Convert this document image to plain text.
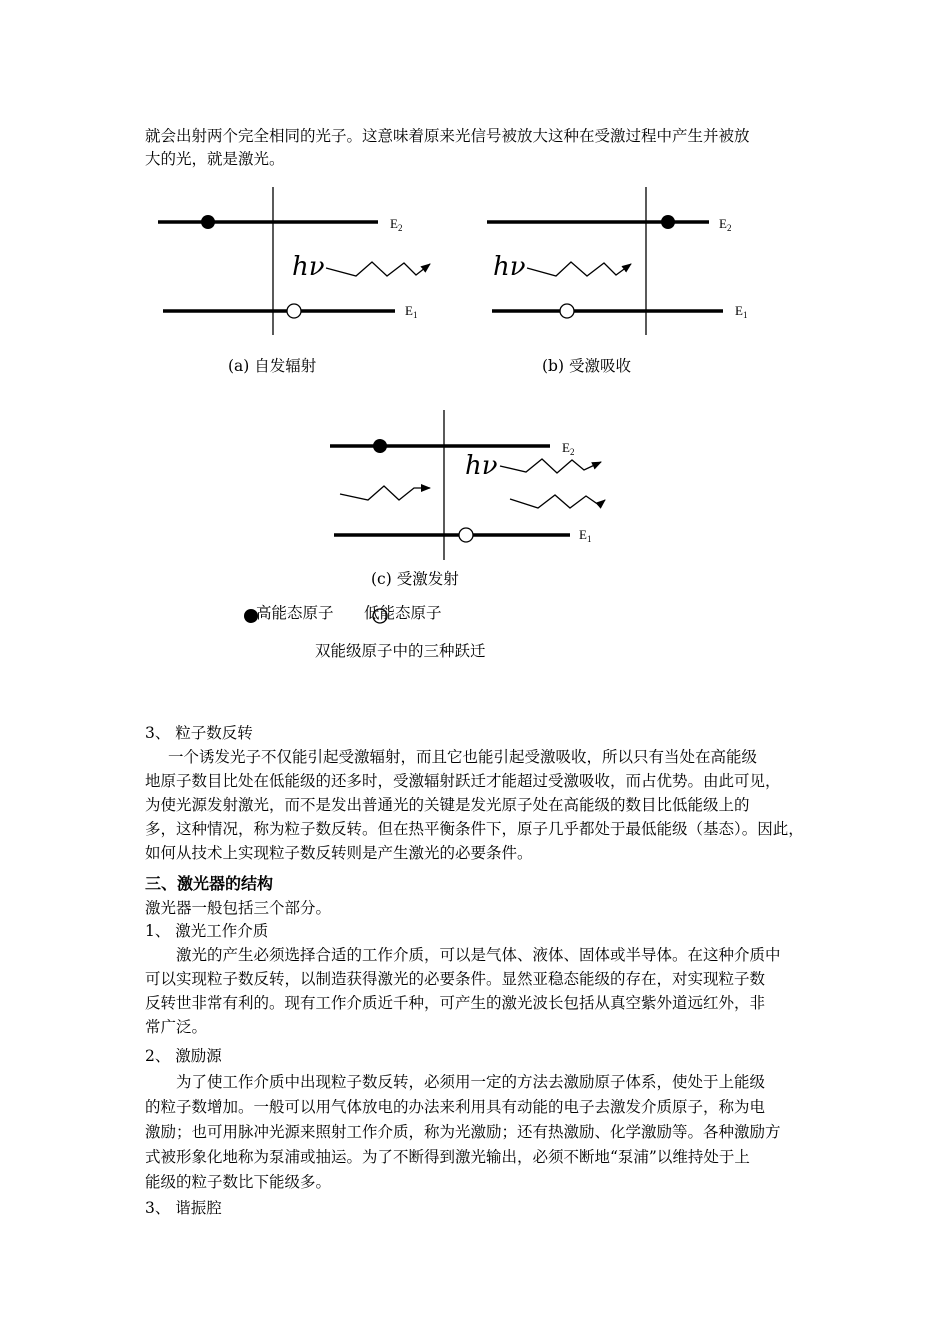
就会出射两个完全相同的光子。这意味着原来光信号被放大这种在受激过程中产生并被放
大的光，就是激光。
hν
$E_2$
$E_1$
hν
$E_2$
$E_1$
hν
$E_2$
$E_1$
(a) 自发辐射	(b) 受激吸收
(c) 受激发射
高能态原子 低能态原子
双能级原子中的三种跃迁
3、 粒子数反转
一个诱发光子不仅能引起受激辐射，而且它也能引起受激吸收，所以只有当处在高能级
地原子数目比处在低能级的还多时，受激辐射跃迁才能超过受激吸收，而占优势。由此可见，
为使光源发射激光，而不是发出普通光的关键是发光原子处在高能级的数目比低能级上的
多，这种情况，称为粒子数反转。但在热平衡条件下，原子几乎都处于最低能级（基态）。因此，
如何从技术上实现粒子数反转则是产生激光的必要条件。
三、激光器的结构
激光器一般包括三个部分。
1、 激光工作介质
激光的产生必须选择合适的工作介质，可以是气体、液体、固体或半导体。在这种介质中
可以实现粒子数反转，以制造获得激光的必要条件。显然亚稳态能级的存在，对实现粒子数
反转世非常有利的。现有工作介质近千种，可产生的激光波长包括从真空紫外道远红外，非
常广泛。
2、 激励源
为了使工作介质中出现粒子数反转，必须用一定的方法去激励原子体系，使处于上能级
的粒子数增加。一般可以用气体放电的办法来利用具有动能的电子去激发介质原子，称为电
激励；也可用脉冲光源来照射工作介质，称为光激励；还有热激励、化学激励等。各种激励方
式被形象化地称为泵浦或抽运。为了不断得到激光输出，必须不断地“泵浦”以维持处于上
能级的粒子数比下能级多。
3、 谐振腔
